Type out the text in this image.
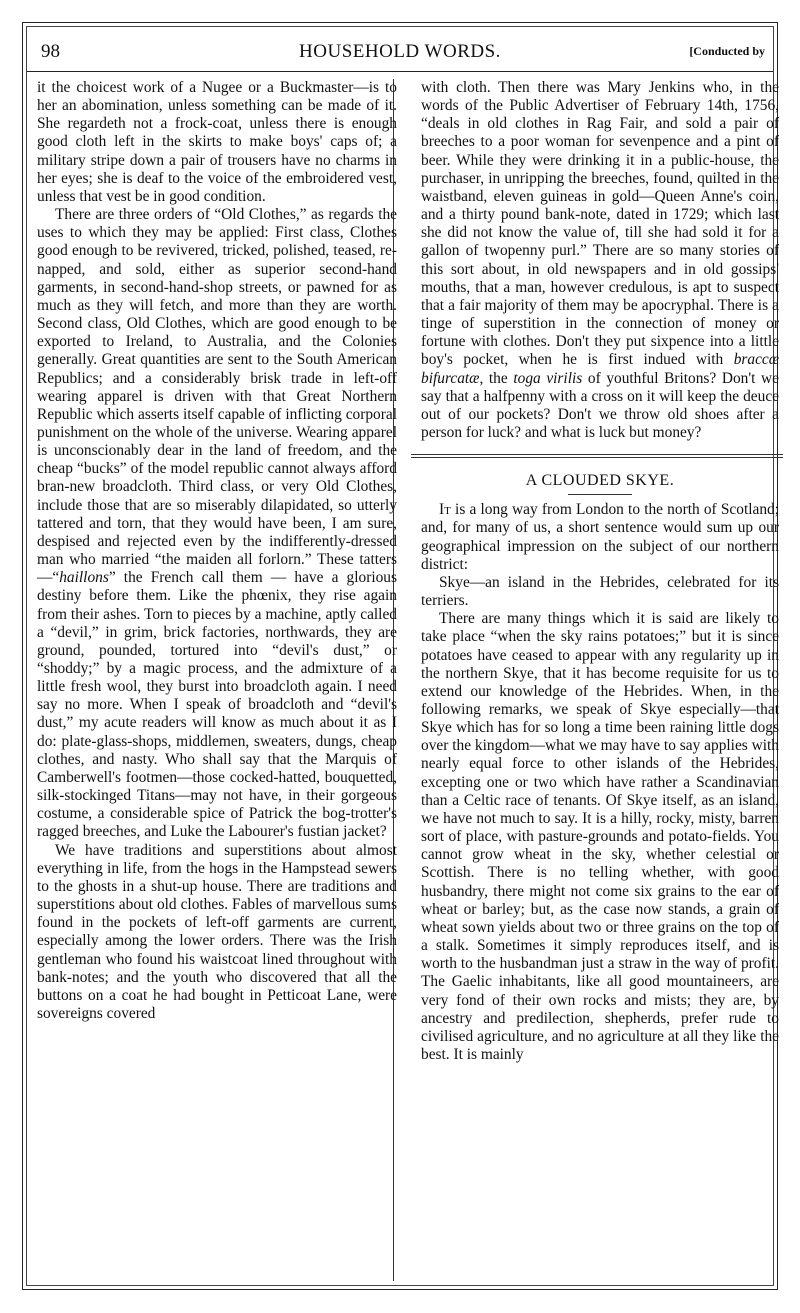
98	HOUSEHOLD WORDS.	[Conducted by

it the choicest work of a Nugee or a Buckmaster—is to her an abomination, unless something can be made of it. She regardeth not a frock-coat, unless there is enough good cloth left in the skirts to make boys' caps of; a military stripe down a pair of trousers have no charms in her eyes; she is deaf to the voice of the embroidered vest, unless that vest be in good condition.

There are three orders of “Old Clothes,” as regards the uses to which they may be applied: First class, Clothes good enough to be revivered, tricked, polished, teased, re-napped, and sold, either as superior second-hand garments, in second-hand-shop streets, or pawned for as much as they will fetch, and more than they are worth. Second class, Old Clothes, which are good enough to be exported to Ireland, to Australia, and the Colonies generally. Great quantities are sent to the South American Republics; and a considerably brisk trade in left-off wearing apparel is driven with that Great Northern Republic which asserts itself capable of inflicting corporal punishment on the whole of the universe. Wearing apparel is unconscionably dear in the land of freedom, and the cheap “bucks” of the model republic cannot always afford bran-new broadcloth. Third class, or very Old Clothes, include those that are so miserably dilapidated, so utterly tattered and torn, that they would have been, I am sure, despised and rejected even by the indifferently-dressed man who married “the maiden all forlorn.” These tatters—“haillons” the French call them — have a glorious destiny before them. Like the phœnix, they rise again from their ashes. Torn to pieces by a machine, aptly called a “devil,” in grim, brick factories, northwards, they are ground, pounded, tortured into “devil's dust,” or “shoddy;” by a magic process, and the admixture of a little fresh wool, they burst into broadcloth again. I need say no more. When I speak of broadcloth and “devil's dust,” my acute readers will know as much about it as I do: plate-glass-shops, middlemen, sweaters, dungs, cheap clothes, and nasty. Who shall say that the Marquis of Camberwell's footmen—those cocked-hatted, bouquetted, silk-stockinged Titans—may not have, in their gorgeous costume, a considerable spice of Patrick the bog-trotter's ragged breeches, and Luke the Labourer's fustian jacket?

We have traditions and superstitions about almost everything in life, from the hogs in the Hampstead sewers to the ghosts in a shut-up house. There are traditions and superstitions about old clothes. Fables of marvellous sums found in the pockets of left-off garments are current, especially among the lower orders. There was the Irish gentleman who found his waistcoat lined throughout with bank-notes; and the youth who discovered that all the buttons on a coat he had bought in Petticoat Lane, were sovereigns covered

with cloth. Then there was Mary Jenkins who, in the words of the Public Advertiser of February 14th, 1756, “deals in old clothes in Rag Fair, and sold a pair of breeches to a poor woman for sevenpence and a pint of beer. While they were drinking it in a public-house, the purchaser, in unripping the breeches, found, quilted in the waistband, eleven guineas in gold—Queen Anne's coin, and a thirty pound bank-note, dated in 1729; which last she did not know the value of, till she had sold it for a gallon of twopenny purl.” There are so many stories of this sort about, in old newspapers and in old gossips' mouths, that a man, however credulous, is apt to suspect that a fair majority of them may be apocryphal. There is a tinge of superstition in the connection of money or fortune with clothes. Don't they put sixpence into a little boy's pocket, when he is first indued with braccæ bifurcatæ, the toga virilis of youthful Britons? Don't we say that a halfpenny with a cross on it will keep the deuce out of our pockets? Don't we throw old shoes after a person for luck? and what is luck but money?

A CLOUDED SKYE.

It is a long way from London to the north of Scotland; and, for many of us, a short sentence would sum up our geographical impression on the subject of our northern district:

Skye—an island in the Hebrides, celebrated for its terriers.

There are many things which it is said are likely to take place “when the sky rains potatoes;” but it is since potatoes have ceased to appear with any regularity up in the northern Skye, that it has become requisite for us to extend our knowledge of the Hebrides. When, in the following remarks, we speak of Skye especially—that Skye which has for so long a time been raining little dogs over the kingdom—what we may have to say applies with nearly equal force to other islands of the Hebrides, excepting one or two which have rather a Scandinavian than a Celtic race of tenants. Of Skye itself, as an island, we have not much to say. It is a hilly, rocky, misty, barren sort of place, with pasture-grounds and potato-fields. You cannot grow wheat in the sky, whether celestial or Scottish. There is no telling whether, with good husbandry, there might not come six grains to the ear of wheat or barley; but, as the case now stands, a grain of wheat sown yields about two or three grains on the top of a stalk. Sometimes it simply reproduces itself, and is worth to the husbandman just a straw in the way of profit. The Gaelic inhabitants, like all good mountaineers, are very fond of their own rocks and mists; they are, by ancestry and predilection, shepherds, prefer rude to civilised agriculture, and no agriculture at all they like the best. It is mainly
